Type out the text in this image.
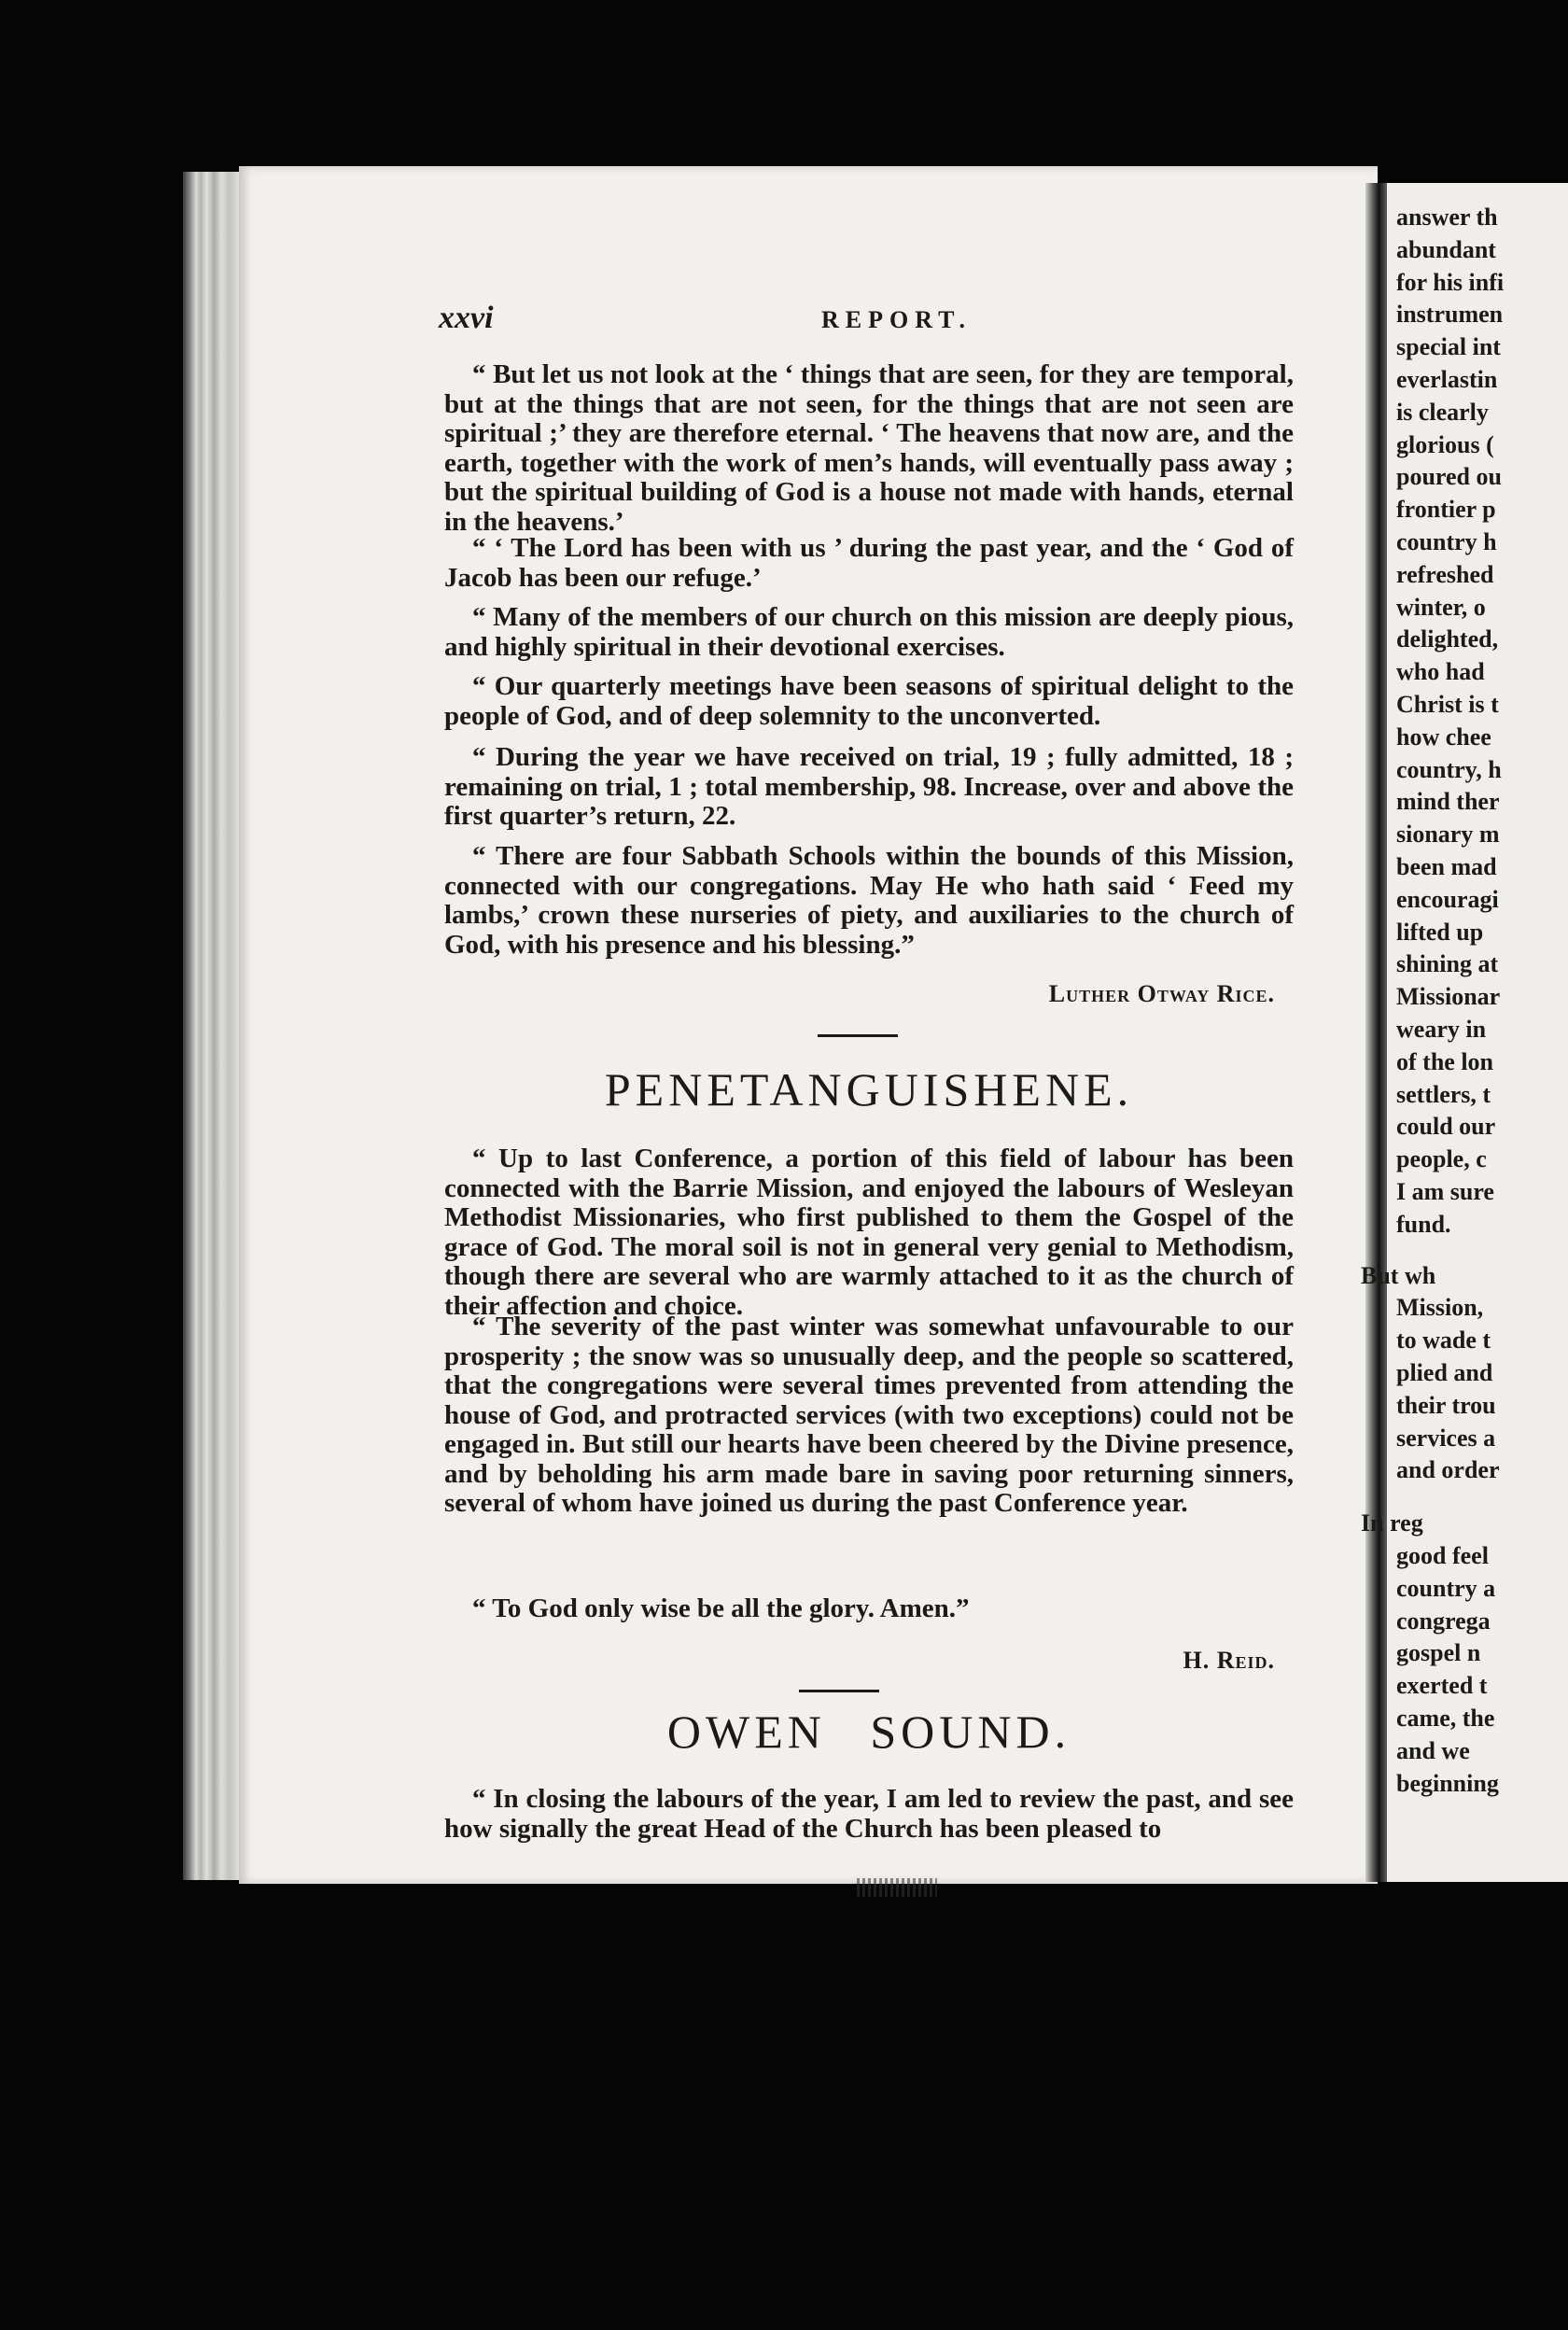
answer th
abundant
for his infi
instrumen
special int
everlastin
is clearly
glorious (
poured ou
frontier p
country h
refreshed
winter, o
delighted,
who had
Christ is t
how chee
country, h
mind ther
sionary m
been mad
encouragi
lifted up
shining at
Missionar
weary in
of the lon
settlers, t
could our
people, c
I am sure
fund.
But wh
Mission,
to wade t
plied and
their trou
services a
and order
In reg
good feel
country a
congrega
gospel n
exerted t
came, the
and we
beginning
xxvi	REPORT.

“ But let us not look at the ‘ things that are seen, for they are temporal, but at the things that are not seen, for the things that are not seen are spiritual ;’ they are therefore eternal. ‘ The heavens that now are, and the earth, together with the work of men’s hands, will eventually pass away ; but the spiritual building of God is a house not made with hands, eternal in the heavens.’

“ ‘ The Lord has been with us ’ during the past year, and the ‘ God of Jacob has been our refuge.’

“ Many of the members of our church on this mission are deeply pious, and highly spiritual in their devotional exercises.

“ Our quarterly meetings have been seasons of spiritual delight to the people of God, and of deep solemnity to the unconverted.

“ During the year we have received on trial, 19 ; fully admitted, 18 ; remaining on trial, 1 ; total membership, 98. Increase, over and above the first quarter’s return, 22.

“ There are four Sabbath Schools within the bounds of this Mission, connected with our congregations. May He who hath said ‘ Feed my lambs,’ crown these nurseries of piety, and auxiliaries to the church of God, with his presence and his blessing.”

Luther Otway Rice.
PENETANGUISHENE.

“ Up to last Conference, a portion of this field of labour has been connected with the Barrie Mission, and enjoyed the labours of Wesleyan Methodist Missionaries, who first published to them the Gospel of the grace of God. The moral soil is not in general very genial to Methodism, though there are several who are warmly attached to it as the church of their affection and choice.

“ The severity of the past winter was somewhat unfavourable to our prosperity ; the snow was so unusually deep, and the people so scattered, that the congregations were several times prevented from attending the house of God, and protracted services (with two exceptions) could not be engaged in. But still our hearts have been cheered by the Divine presence, and by beholding his arm made bare in saving poor returning sinners, several of whom have joined us during the past Conference year.

“ To God only wise be all the glory. Amen.”

H. Reid.
OWEN SOUND.

“ In closing the labours of the year, I am led to review the past, and see how signally the great Head of the Church has been pleased to
